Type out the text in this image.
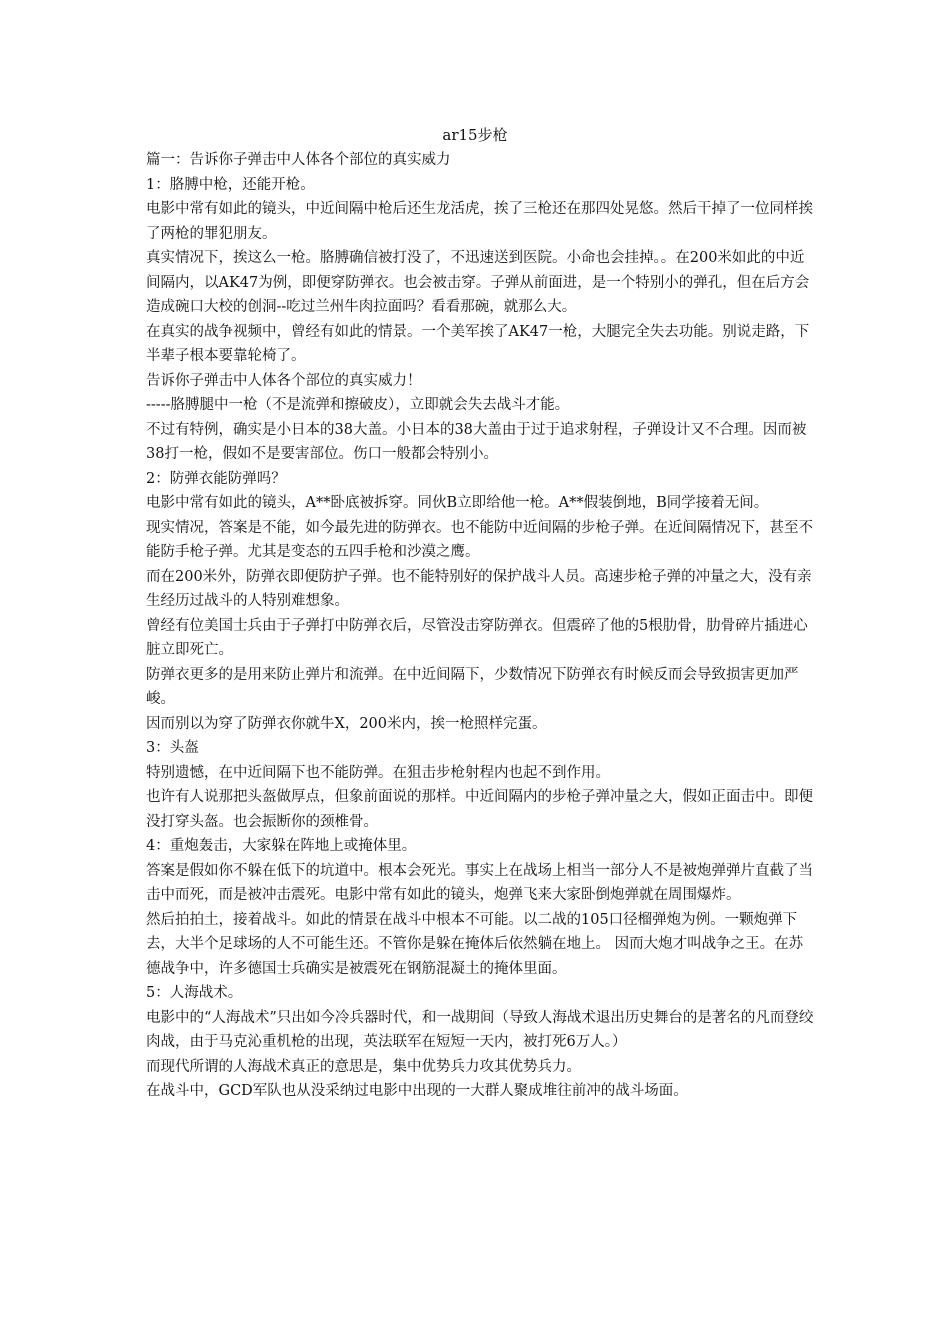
ar15步枪

篇一：告诉你子弹击中人体各个部位的真实威力

1：胳膊中枪，还能开枪。

电影中常有如此的镜头，中近间隔中枪后还生龙活虎，挨了三枪还在那四处晃悠。然后干掉了一位同样挨了两枪的罪犯朋友。

真实情况下，挨这么一枪。胳膊确信被打没了，不迅速送到医院。小命也会挂掉。。在200米如此的中近间隔内，以AK47为例，即便穿防弹衣。也会被击穿。子弹从前面进，是一个特别小的弹孔，但在后方会造成碗口大校的创洞--吃过兰州牛肉拉面吗？看看那碗，就那么大。

在真实的战争视频中，曾经有如此的情景。一个美军挨了AK47一枪，大腿完全失去功能。别说走路，下半辈子根本要靠轮椅了。

告诉你子弹击中人体各个部位的真实威力！

-----胳膊腿中一枪（不是流弹和擦破皮），立即就会失去战斗才能。

不过有特例，确实是小日本的38大盖。小日本的38大盖由于过于追求射程，子弹设计又不合理。因而被38打一枪，假如不是要害部位。伤口一般都会特别小。

2：防弹衣能防弹吗？

电影中常有如此的镜头，A**卧底被拆穿。同伙B立即给他一枪。A**假装倒地，B同学接着无间。

现实情况，答案是不能，如今最先进的防弹衣。也不能防中近间隔的步枪子弹。在近间隔情况下，甚至不能防手枪子弹。尤其是变态的五四手枪和沙漠之鹰。

而在200米外，防弹衣即便防护子弹。也不能特别好的保护战斗人员。高速步枪子弹的冲量之大，没有亲生经历过战斗的人特别难想象。

曾经有位美国士兵由于子弹打中防弹衣后，尽管没击穿防弹衣。但震碎了他的5根肋骨，肋骨碎片插进心脏立即死亡。

防弹衣更多的是用来防止弹片和流弹。在中近间隔下，少数情况下防弹衣有时候反而会导致损害更加严峻。

因而别以为穿了防弹衣你就牛X，200米内，挨一枪照样完蛋。

3：头盔

特别遗憾，在中近间隔下也不能防弹。在狙击步枪射程内也起不到作用。

也许有人说那把头盔做厚点，但象前面说的那样。中近间隔内的步枪子弹冲量之大，假如正面击中。即便没打穿头盔。也会振断你的颈椎骨。

4：重炮轰击，大家躲在阵地上或掩体里。

答案是假如你不躲在低下的坑道中。根本会死光。事实上在战场上相当一部分人不是被炮弹弹片直截了当击中而死，而是被冲击震死。电影中常有如此的镜头，炮弹飞来大家卧倒炮弹就在周围爆炸。

然后拍拍土，接着战斗。如此的情景在战斗中根本不可能。以二战的105口径榴弹炮为例。一颗炮弹下去，大半个足球场的人不可能生还。不管你是躲在掩体后依然躺在地上。 因而大炮才叫战争之王。在苏德战争中，许多德国士兵确实是被震死在钢筋混凝土的掩体里面。

5：人海战术。

电影中的“人海战术”只出如今冷兵器时代，和一战期间（导致人海战术退出历史舞台的是著名的凡而登绞肉战，由于马克沁重机枪的出现，英法联军在短短一天内，被打死6万人。）

而现代所谓的人海战术真正的意思是，集中优势兵力攻其优势兵力。

在战斗中，GCD军队也从没采纳过电影中出现的一大群人聚成堆往前冲的战斗场面。
